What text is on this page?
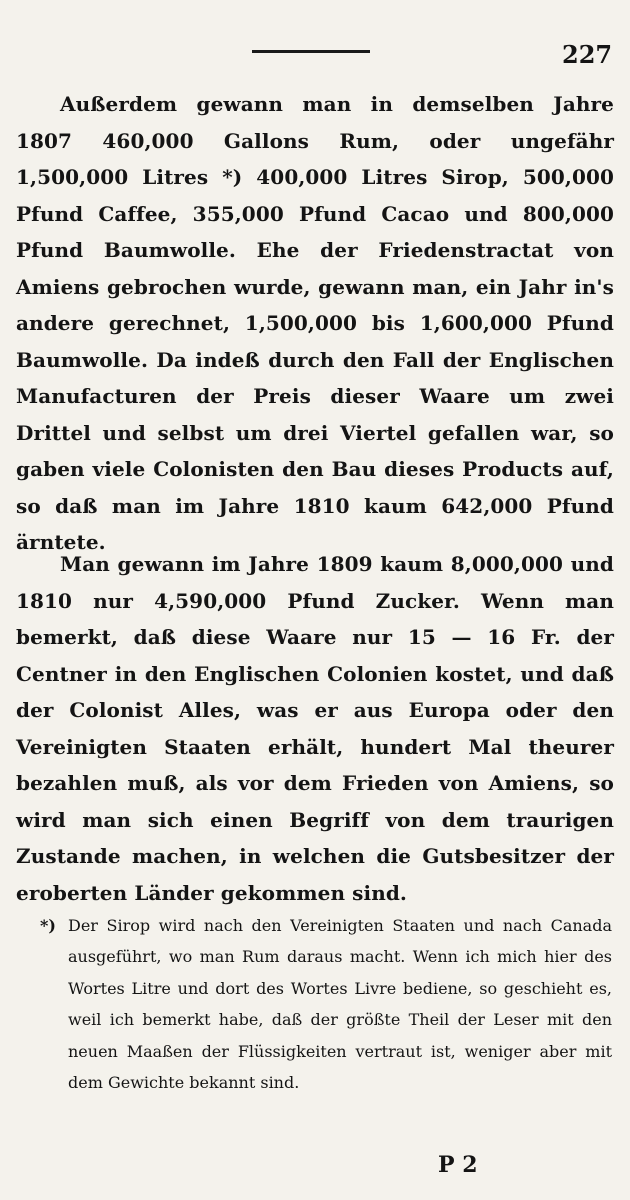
227

Außerdem gewann man in demselben Jahre 1807 460,000 Gallons Rum, oder ungefähr 1,500,000 Litres *) 400,000 Litres Sirop, 500,000 Pfund Caffee, 355,000 Pfund Cacao und 800,000 Pfund Baumwolle. Ehe der Friedenstractat von Amiens gebrochen wurde, gewann man, ein Jahr in's andere gerechnet, 1,500,000 bis 1,600,000 Pfund Baumwolle. Da indeß durch den Fall der Englischen Manufacturen der Preis dieser Waare um zwei Drittel und selbst um drei Viertel gefallen war, so gaben viele Colonisten den Bau dieses Products auf, so daß man im Jahre 1810 kaum 642,000 Pfund ärntete.

Man gewann im Jahre 1809 kaum 8,000,000 und 1810 nur 4,590,000 Pfund Zucker. Wenn man bemerkt, daß diese Waare nur 15 — 16 Fr. der Centner in den Englischen Colonien kostet, und daß der Colonist Alles, was er aus Europa oder den Vereinigten Staaten erhält, hundert Mal theurer bezahlen muß, als vor dem Frieden von Amiens, so wird man sich einen Begriff von dem traurigen Zustande machen, in welchen die Gutsbesitzer der eroberten Länder gekommen sind.

*) Der Sirop wird nach den Vereinigten Staaten und nach Canada ausgeführt, wo man Rum daraus macht. Wenn ich mich hier des Wortes Litre und dort des Wortes Livre bediene, so geschieht es, weil ich bemerkt habe, daß der größte Theil der Leser mit den neuen Maaßen der Flüssigkeiten vertraut ist, weniger aber mit dem Gewichte bekannt sind.
P 2
